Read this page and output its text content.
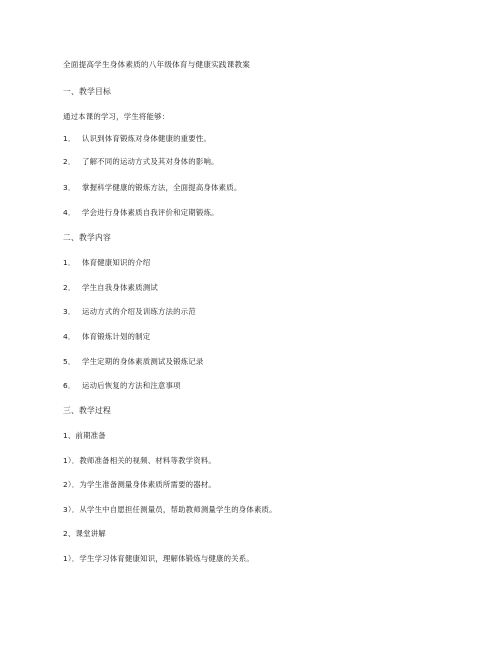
全面提高学生身体素质的八年级体育与健康实践课教案
一、教学目标
通过本课的学习，学生将能够：
1． 认识到体育锻炼对身体健康的重要性。
2． 了解不同的运动方式及其对身体的影响。
3． 掌握科学健康的锻炼方法，全面提高身体素质。
4． 学会进行身体素质自我评价和定期锻炼。
二、教学内容
1． 体育健康知识的介绍
2． 学生自我身体素质测试
3． 运动方式的介绍及训练方法的示范
4． 体育锻炼计划的制定
5． 学生定期的身体素质测试及锻炼记录
6． 运动后恢复的方法和注意事项
三、教学过程
1、前期准备
1）．教师准备相关的视频、材料等教学资料。
2）．为学生准备测量身体素质所需要的器材。
3）．从学生中自愿担任测量员，帮助教师测量学生的身体素质。
2、课堂讲解
1）．学生学习体育健康知识，理解体锻炼与健康的关系。
